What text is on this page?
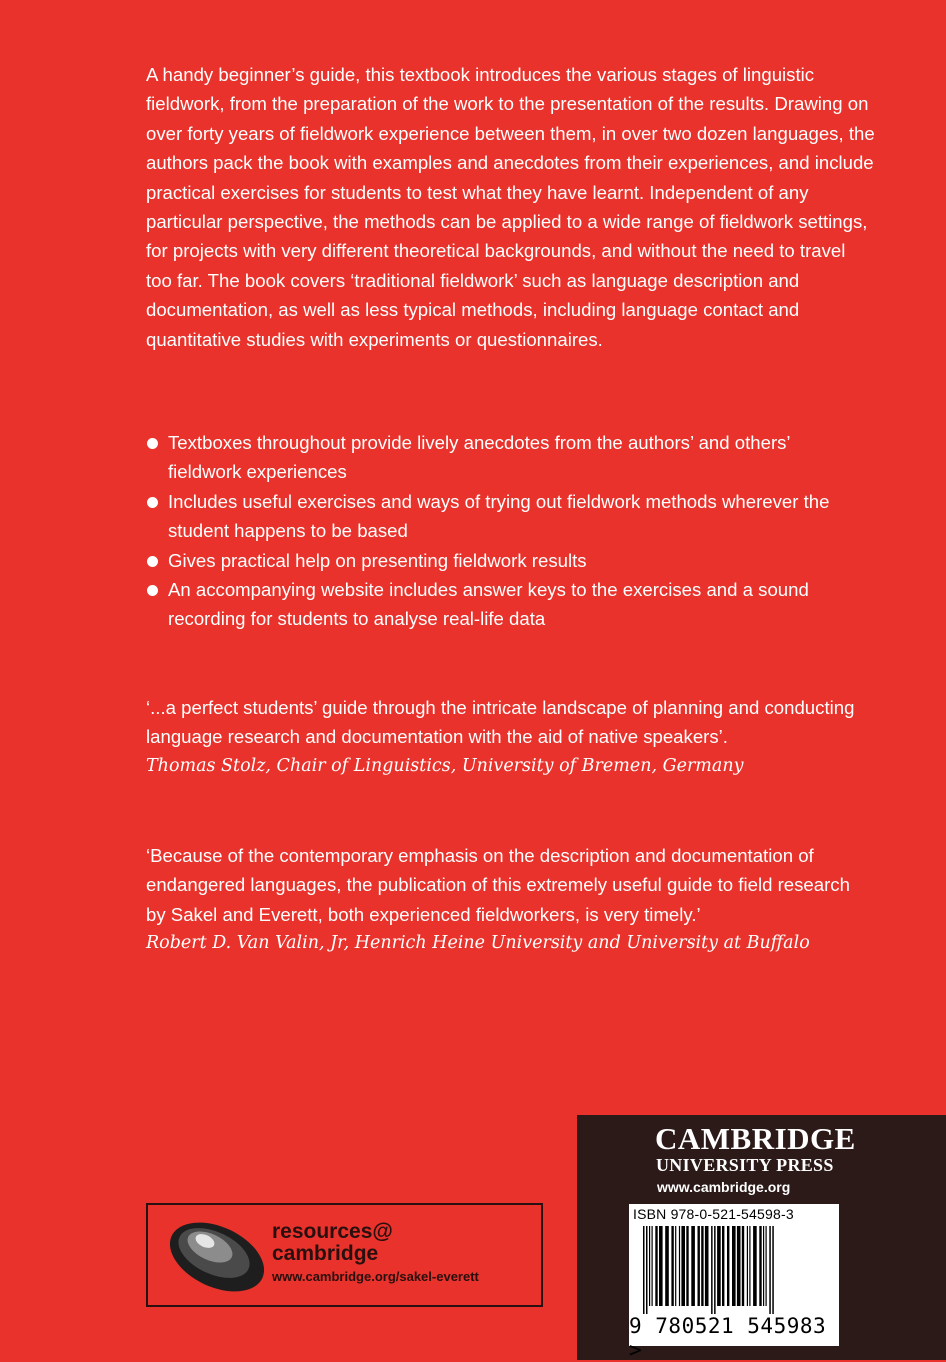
A handy beginner’s guide, this textbook introduces the various stages of linguistic fieldwork, from the preparation of the work to the presentation of the results. Drawing on over forty years of fieldwork experience between them, in over two dozen languages, the authors pack the book with examples and anecdotes from their experiences, and include practical exercises for students to test what they have learnt. Independent of any particular perspective, the methods can be applied to a wide range of fieldwork settings, for projects with very different theoretical backgrounds, and without the need to travel too far. The book covers ‘traditional fieldwork’ such as language description and documentation, as well as less typical methods, including language contact and quantitative studies with experiments or questionnaires.

Textboxes throughout provide lively anecdotes from the authors’ and others’ fieldwork experiences
Includes useful exercises and ways of trying out fieldwork methods wherever the student happens to be based
Gives practical help on presenting fieldwork results
An accompanying website includes answer keys to the exercises and a sound recording for students to analyse real-life data

‘...a perfect students’ guide through the intricate landscape of planning and conducting language research and documentation with the aid of native speakers’.

Thomas Stolz, Chair of Linguistics, University of Bremen, Germany

‘Because of the contemporary emphasis on the description and documentation of endangered languages, the publication of this extremely useful guide to field research by Sakel and Everett, both experienced fieldworkers, is very timely.’

Robert D. Van Valin, Jr, Henrich Heine University and University at Buffalo

resources@
cambridge
www.cambridge.org/sakel-everett
CAMBRIDGE
UNIVERSITY PRESS
www.cambridge.org
ISBN 978-0-521-54598-3
9 780521 545983 >
